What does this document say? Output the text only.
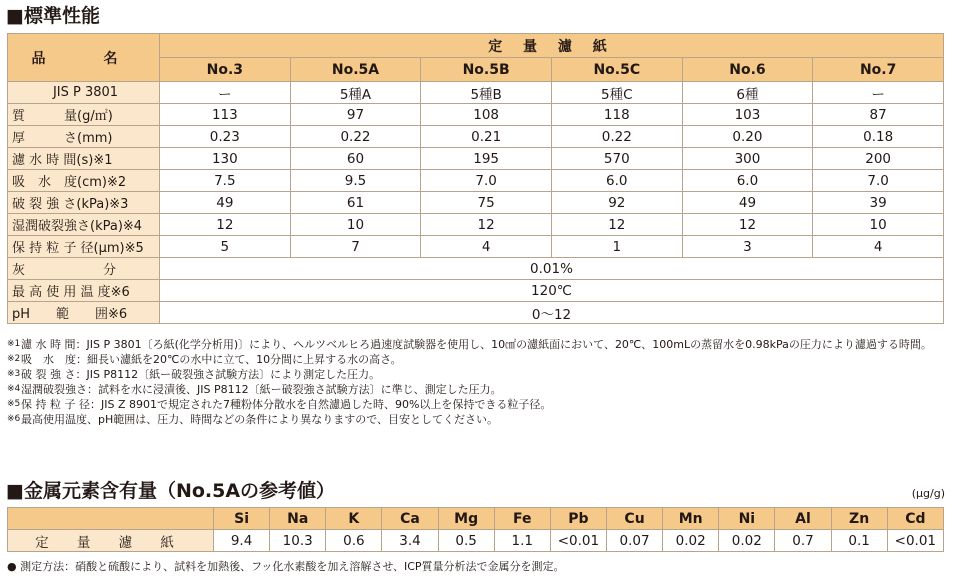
■標準性能
品　名	定 量 濾 紙					
	No.3	No.5A	No.5B	No.5C	No.6	No.7
JIS P 3801	ー	5種A	5種B	5種C	6種	ー
質　　　量(g/㎡)	113	97	108	118	103	87
厚　　　さ(mm)	0.23	0.22	0.21	0.22	0.20	0.18
濾 水 時 間(s)※1	130	60	195	570	300	200
吸　水　度(cm)※2	7.5	9.5	7.0	6.0	6.0	7.0
破 裂 強 さ(kPa)※3	49	61	75	92	49	39
湿潤破裂強さ(kPa)※4	12	10	12	12	12	10
保 持 粒 子 径(μm)※5	5	7	4	1	3	4
灰　　　　　　分	0.01%					
最 高 使 用 温 度※6	120℃					
pH　　範　　囲※6	0〜12					
※1 濾 水 時 間：JIS P 3801〔ろ紙(化学分析用)〕により、ヘルツベルヒろ過速度試験器を使用し、10㎠の濾紙面において、20℃、100mLの蒸留水を0.98kPaの圧力により濾過する時間。
※2 吸　水　度：細長い濾紙を20℃の水中に立て、10分間に上昇する水の高さ。
※3 破 裂 強 さ：JIS P8112〔紙ー破裂強さ試験方法〕により測定した圧力。
※4 湿潤破裂強さ：試料を水に浸漬後、JIS P8112〔紙ー破裂強さ試験方法〕に準じ、測定した圧力。
※5 保 持 粒 子 径：JIS Z 8901で規定された7種粉体分散水を自然濾過した時、90%以上を保持できる粒子径。
※6 最高使用温度、pH範囲は、圧力、時間などの条件により異なりますので、目安としてください。
■金属元素含有量（No.5Aの参考値）	(μg/g)
	Si	Na	K	Ca	Mg	Fe	Pb	Cu	Mn	Ni	Al	Zn	Cd
定 量 濾 紙	9.4	10.3	0.6	3.4	0.5	1.1	<0.01	0.07	0.02	0.02	0.7	0.1	<0.01
● 測定方法：硝酸と硫酸により、試料を加熱後、フッ化水素酸を加え溶解させ、ICP質量分析法で金属分を測定。
